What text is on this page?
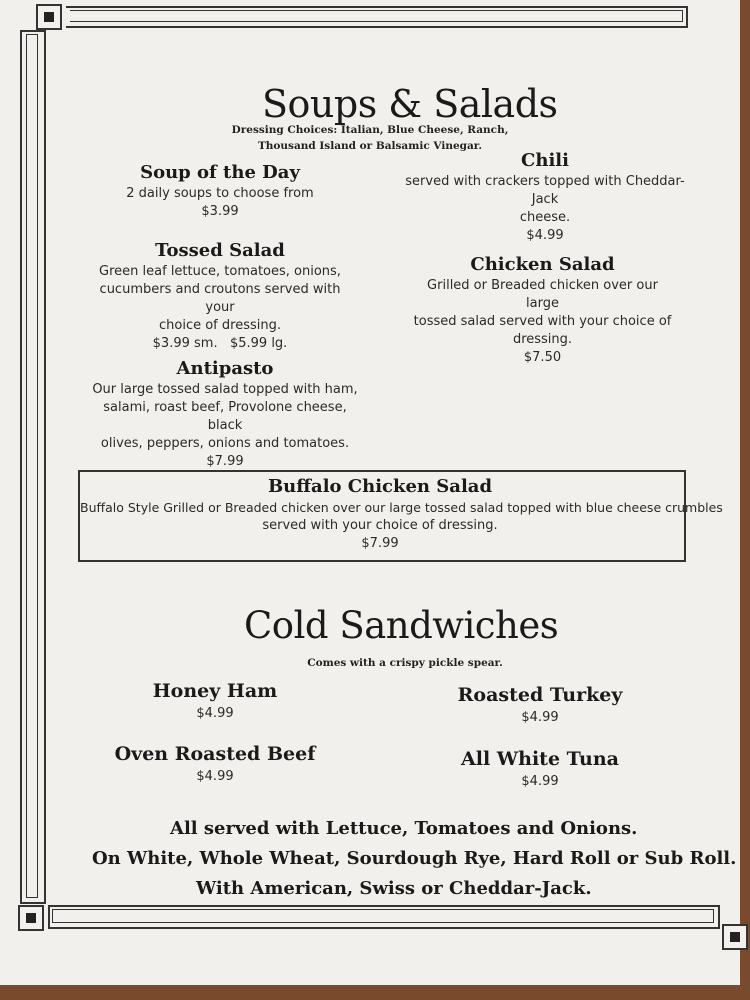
Soups & Salads
Dressing Choices: Italian, Blue Cheese, Ranch,
Thousand Island or Balsamic Vinegar.
Soup of the Day
2 daily soups to choose from
$3.99
Chili
served with crackers topped with Cheddar-Jack
cheese.
$4.99
Tossed Salad
Green leaf lettuce, tomatoes, onions,
cucumbers and croutons served with your
choice of dressing.
$3.99 sm.   $5.99 lg.
Chicken Salad
Grilled or Breaded chicken over our large
tossed salad served with your choice of
dressing.
$7.50
Antipasto
Our large tossed salad topped with ham,
salami, roast beef, Provolone cheese, black
olives, peppers, onions and tomatoes.
$7.99
Buffalo Chicken Salad
Buffalo Style Grilled or Breaded chicken over our large tossed salad topped with blue cheese crumbles
served with your choice of dressing.
$7.99
Cold Sandwiches
Comes with a crispy pickle spear.
Honey Ham
$4.99
Roasted Turkey
$4.99
Oven Roasted Beef
$4.99
All White Tuna
$4.99
All served with Lettuce, Tomatoes and Onions.
On White, Whole Wheat, Sourdough Rye, Hard Roll or Sub Roll.
With American, Swiss or Cheddar-Jack.
